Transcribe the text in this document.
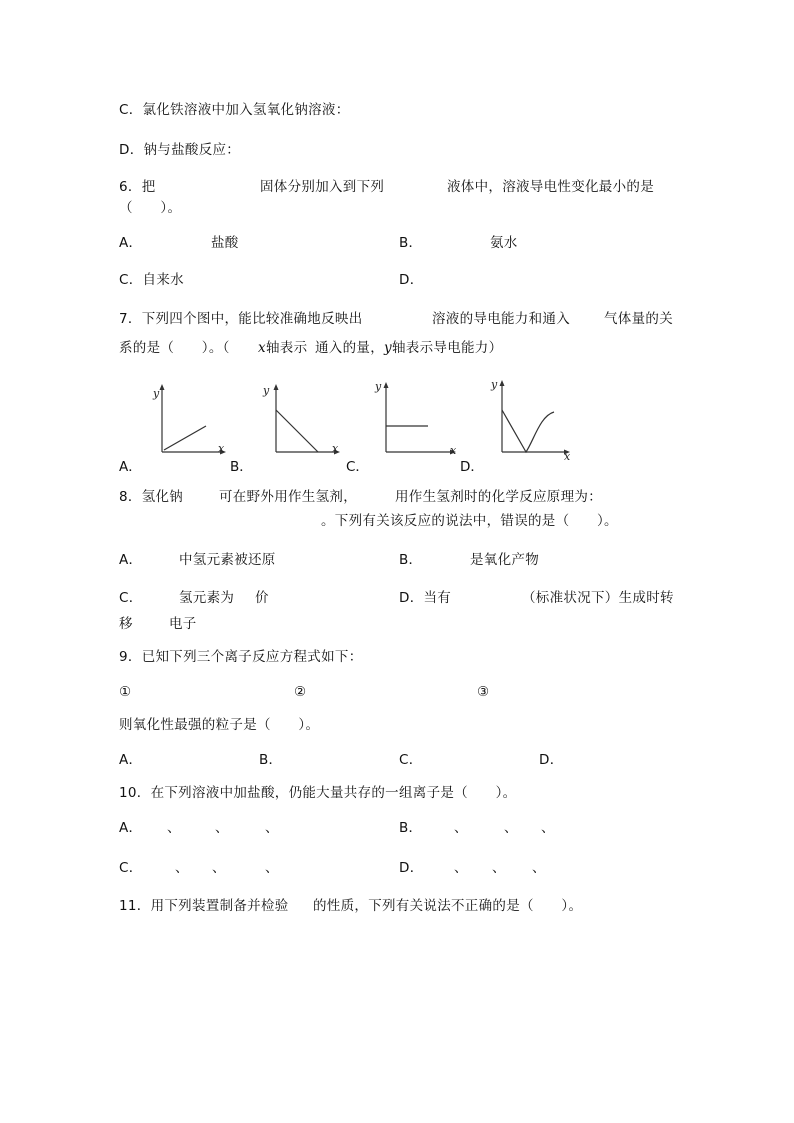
C．氯化铁溶液中加入氢氧化钠溶液：
D．钠与盐酸反应：
6．把	固体分别加入到下列	液体中，溶液导电性变化最小的是
（　　）。
A．	盐酸	B．	氨水
C．自来水	D．
7．下列四个图中，能比较准确地反映出	溶液的导电能力和通入	气体量的关
系的是（　　）。（ x 轴表示 通入的量， y 轴表示导电能力）
y
x
A．
y
x
B．
y
x
C．
y
x
D．
8．氢化钠	可在野外用作生氢剂，	用作生氢剂时的化学反应原理为：
。下列有关该反应的说法中，错误的是（　　）。
A．	中氢元素被还原	B．	是氧化产物
C．	氢元素为 价	D．当有	（标准状况下）生成时转
移	电子
9．已知下列三个离子反应方程式如下：
①	②	③
则氧化性最强的粒子是（　　）。
A．	B．	C．	D．
10．在下列溶液中加盐酸，仍能大量共存的一组离子是（　　）。
A． 、	、	、	B． 、	、 、
C． 、 、	、	D． 、 、 、
11．用下列装置制备并检验 的性质，下列有关说法不正确的是（　　）。
